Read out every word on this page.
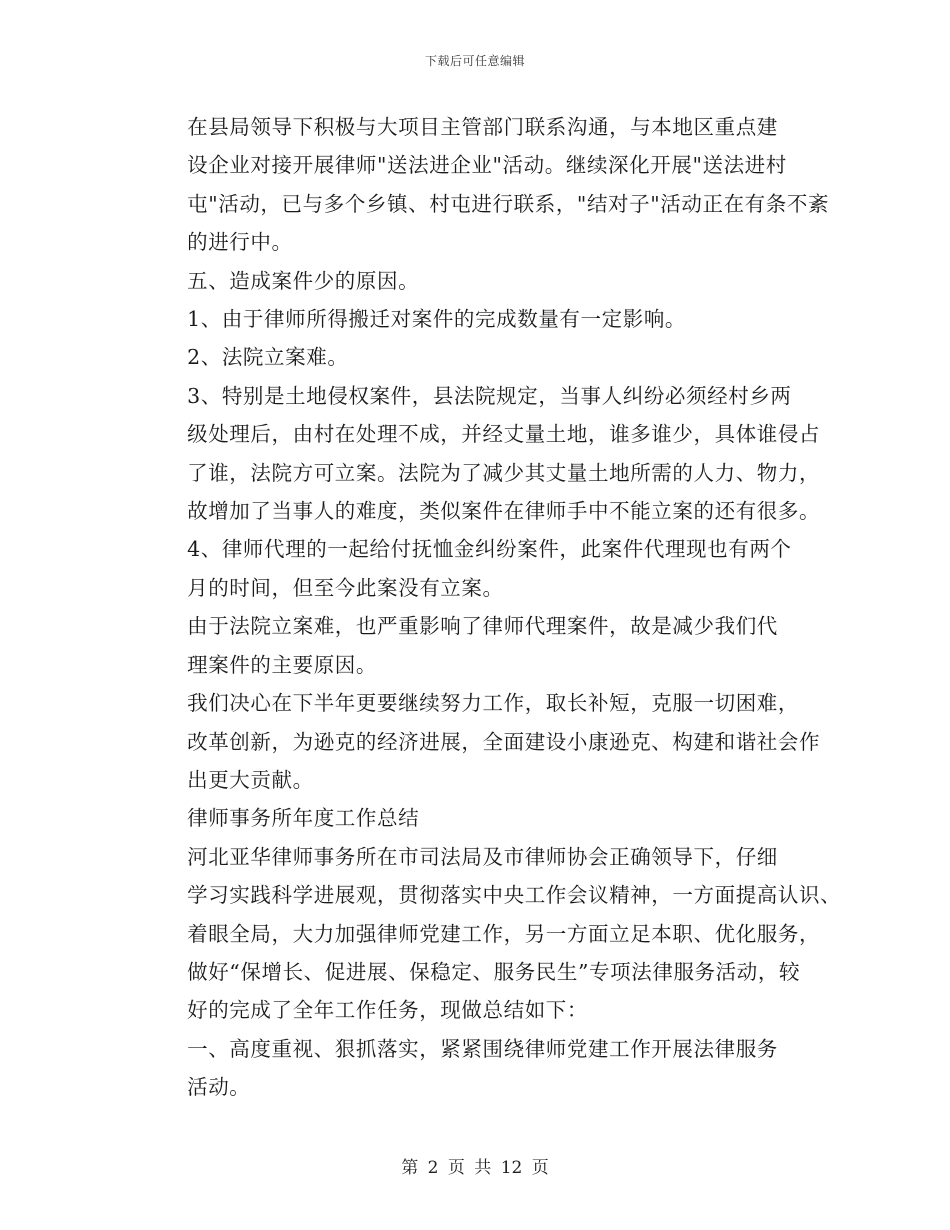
下载后可任意编辑

在县局领导下积极与大项目主管部门联系沟通，与本地区重点建
设企业对接开展律师"送法进企业"活动。继续深化开展"送法进村
屯"活动，已与多个乡镇、村屯进行联系，"结对子"活动正在有条不紊
的进行中。

五、造成案件少的原因。

1、由于律师所得搬迁对案件的完成数量有一定影响。

2、法院立案难。

3、特别是土地侵权案件，县法院规定，当事人纠纷必须经村乡两
级处理后，由村在处理不成，并经丈量土地，谁多谁少，具体谁侵占
了谁，法院方可立案。法院为了减少其丈量土地所需的人力、物力，
故增加了当事人的难度，类似案件在律师手中不能立案的还有很多。

4、律师代理的一起给付抚恤金纠纷案件，此案件代理现也有两个
月的时间，但至今此案没有立案。

由于法院立案难，也严重影响了律师代理案件，故是减少我们代
理案件的主要原因。

我们决心在下半年更要继续努力工作，取长补短，克服一切困难，
改革创新，为逊克的经济进展，全面建设小康逊克、构建和谐社会作
出更大贡献。

律师事务所年度工作总结

河北亚华律师事务所在市司法局及市律师协会正确领导下，仔细
学习实践科学进展观，贯彻落实中央工作会议精神，一方面提高认识、
着眼全局，大力加强律师党建工作，另一方面立足本职、优化服务，
做好“保增长、促进展、保稳定、服务民生”专项法律服务活动，较
好的完成了全年工作任务，现做总结如下：

一、高度重视、狠抓落实，紧紧围绕律师党建工作开展法律服务
活动。

第 2 页 共 12 页
